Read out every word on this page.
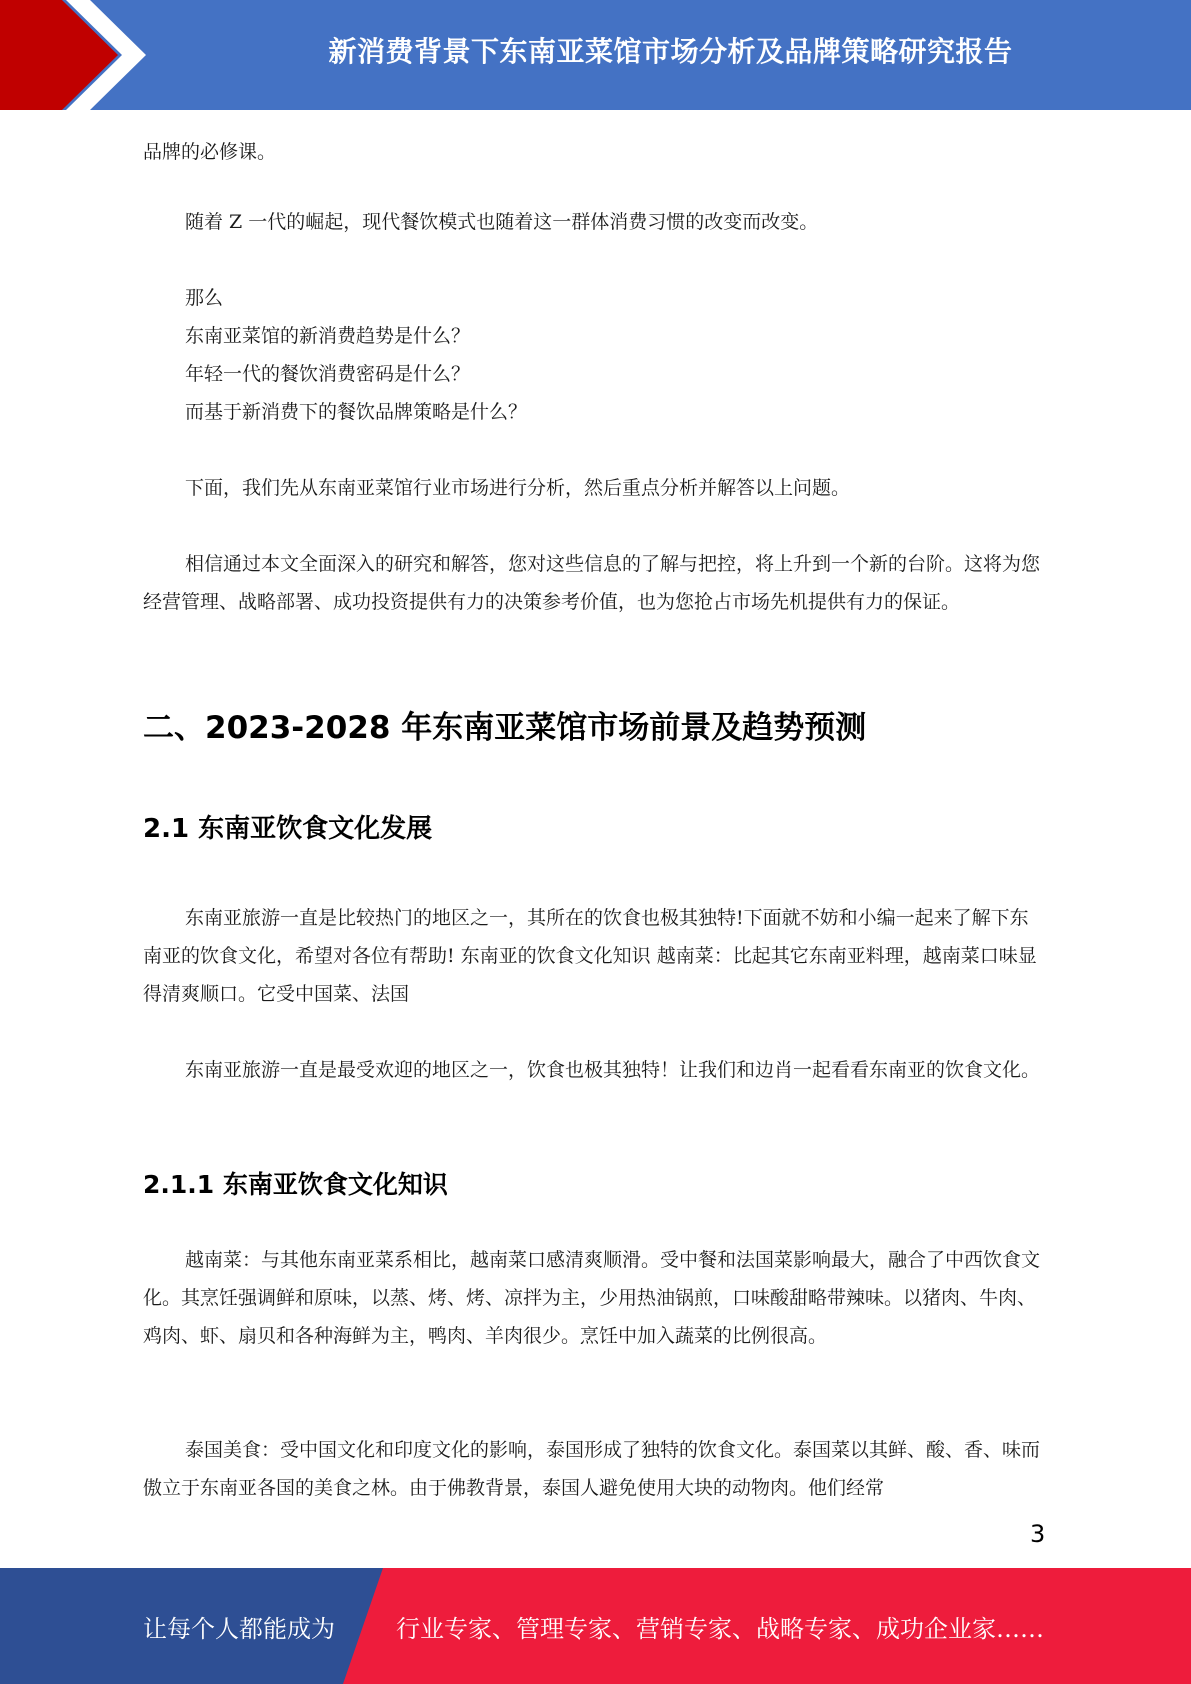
新消费背景下东南亚菜馆市场分析及品牌策略研究报告

品牌的必修课。

随着 Z 一代的崛起，现代餐饮模式也随着这一群体消费习惯的改变而改变。

那么
东南亚菜馆的新消费趋势是什么？
年轻一代的餐饮消费密码是什么？
而基于新消费下的餐饮品牌策略是什么？

下面，我们先从东南亚菜馆行业市场进行分析，然后重点分析并解答以上问题。

相信通过本文全面深入的研究和解答，您对这些信息的了解与把控，将上升到一个新的台阶。这将为您经营管理、战略部署、成功投资提供有力的决策参考价值，也为您抢占市场先机提供有力的保证。

二、2023-2028 年东南亚菜馆市场前景及趋势预测
2.1 东南亚饮食文化发展

东南亚旅游一直是比较热门的地区之一，其所在的饮食也极其独特!下面就不妨和小编一起来了解下东南亚的饮食文化，希望对各位有帮助! 东南亚的饮食文化知识 越南菜：比起其它东南亚料理，越南菜口味显得清爽顺口。它受中国菜、法国

东南亚旅游一直是最受欢迎的地区之一，饮食也极其独特！让我们和边肖一起看看东南亚的饮食文化。

2.1.1 东南亚饮食文化知识

越南菜：与其他东南亚菜系相比，越南菜口感清爽顺滑。受中餐和法国菜影响最大，融合了中西饮食文化。其烹饪强调鲜和原味，以蒸、烤、烤、凉拌为主，少用热油锅煎，口味酸甜略带辣味。以猪肉、牛肉、鸡肉、虾、扇贝和各种海鲜为主，鸭肉、羊肉很少。烹饪中加入蔬菜的比例很高。

泰国美食：受中国文化和印度文化的影响，泰国形成了独特的饮食文化。泰国菜以其鲜、酸、香、味而傲立于东南亚各国的美食之林。由于佛教背景，泰国人避免使用大块的动物肉。他们经常

3
让每个人都能成为	行业专家、管理专家、营销专家、战略专家、成功企业家……
